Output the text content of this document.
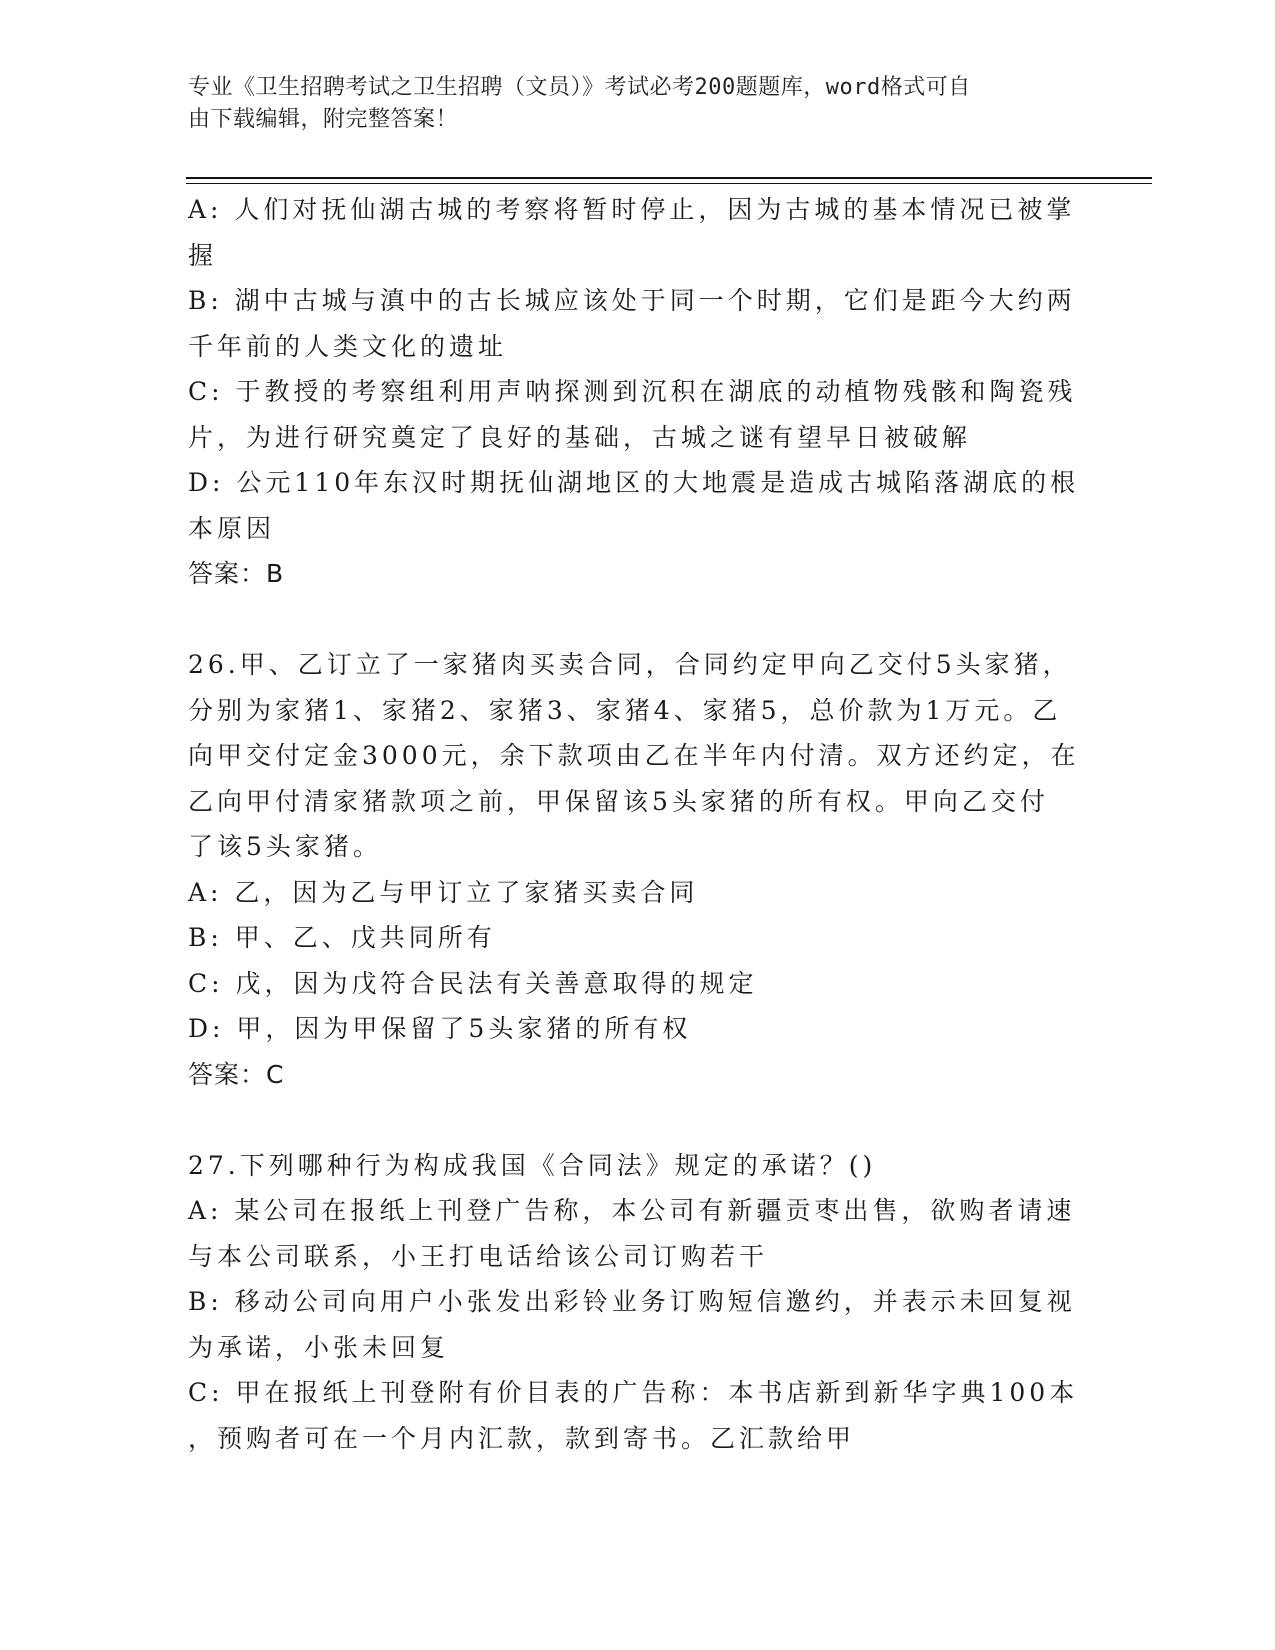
专业《卫生招聘考试之卫生招聘（文员）》考试必考200题题库，word格式可自
由下载编辑，附完整答案！
A: 人们对抚仙湖古城的考察将暂时停止，因为古城的基本情况已被掌
握
B: 湖中古城与滇中的古长城应该处于同一个时期，它们是距今大约两
千年前的人类文化的遗址
C: 于教授的考察组利用声呐探测到沉积在湖底的动植物残骸和陶瓷残
片，为进行研究奠定了良好的基础，古城之谜有望早日被破解
D: 公元110年东汉时期抚仙湖地区的大地震是造成古城陷落湖底的根
本原因
答案：B
26.甲、乙订立了一家猪肉买卖合同，合同约定甲向乙交付5头家猪，
分别为家猪1、家猪2、家猪3、家猪4、家猪5，总价款为1万元。乙
向甲交付定金3000元，余下款项由乙在半年内付清。双方还约定，在
乙向甲付清家猪款项之前，甲保留该5头家猪的所有权。甲向乙交付
了该5头家猪。
A: 乙，因为乙与甲订立了家猪买卖合同
B: 甲、乙、戊共同所有
C: 戊，因为戊符合民法有关善意取得的规定
D: 甲，因为甲保留了5头家猪的所有权
答案：C
27.下列哪种行为构成我国《合同法》规定的承诺？()
A: 某公司在报纸上刊登广告称，本公司有新疆贡枣出售，欲购者请速
与本公司联系，小王打电话给该公司订购若干
B: 移动公司向用户小张发出彩铃业务订购短信邀约，并表示未回复视
为承诺，小张未回复
C: 甲在报纸上刊登附有价目表的广告称：本书店新到新华字典100本
，预购者可在一个月内汇款，款到寄书。乙汇款给甲
